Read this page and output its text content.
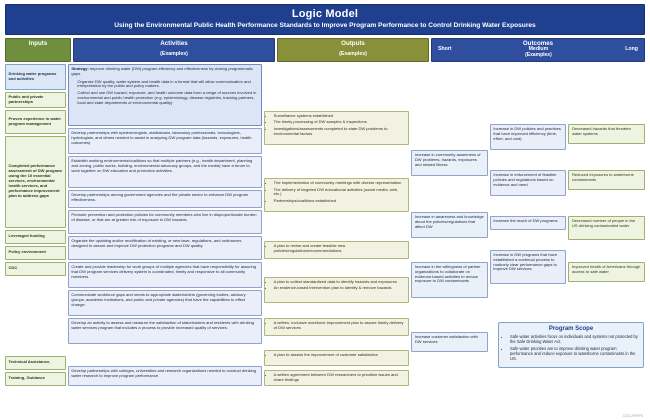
Logic Model
Using the Environmental Public Health Performance Standards to Improve Program Performance to Control Drinking Water Exposures
Inputs	Activities
(Examples)
Outputs
(Examples)
Outcomes
Short	Medium
(Examples)
Long
Drinking water programs and activities
Public and private partnerships
Proven experience in water program management
Completed performance assessment of DW program using the 10 essential services, environmental health services, and performance improvement plan to address gaps
Leveraged funding
Policy environment
CDC
Technical Assistance,
Training, Guidance
Strategy: improve drinking water (DW) program efficiency and effectiveness by closing programmatic gaps.
• Organize DW quality, water system and health data in a format that will allow communication and interpretation by the public and policy makers.
• Collect and use DW hazard, exposure, and health outcome data from a range of sources involved in environmental and public health protection (e.g. epidemiology, disease registries, tracking partners, local and state departments of environmental quality).
Develop partnerships with epidemiologists, statisticians, laboratory professionals, toxicologists, hydrologists, and others needed to assist in analyzing DW program data (hazards, exposures, health outcomes).
Establish working environments/coalitions so that multiple partners (e.g., health department, planning and zoning, public works, building, environmental advocacy groups, and the media) have a forum to work together on DW education and promotion activities.
Develop partnerships among government agencies and the private sector to enhance DW program effectiveness.
Promote prevention and protection policies for community members who live in disproportionate burden of disease, or that are at greater risk of exposure to DW hazards.
Organize the updating and/or modification of existing, or new laws, regulations, and ordinances designed to assure and improve DW protection programs and DW quality.
Create and provide leadership for work groups of multiple agencies that have responsibility for assuring that DW program services delivery system is coordinated, timely and responsive to all community members.
Communicate workforce gaps and needs to appropriate stakeholders (governing bodies, advisory groups, academic institutions, and public and private agencies) that have the capabilities to effect change.
Develop an activity to assess and measure the satisfaction of stakeholders and residents with drinking water services program that includes a process to provide increased quality of services.
Develop partnerships with colleges, universities and research organizations needed to conduct drinking water research to improve program performance.
• Surveillance systems established
• The timely processing of DW samples & inspections
• Investigations/assessments completed to state DW problems to environmental factors
• The implementation of community meetings with diverse representation
• The delivery of targeted DW educational activities (social media, web, etc.)
• Partnerships/coalitions established
• A plan to revise and create feasible new policies/regulations/recommendations
• A plan to collect standardized data to identify hazards and exposures
• An evidence-based intervention plan to identify & remove hazards
• A written, inclusive workforce improvement plan to assure timely delivery of DW services
• A plan to assess the improvement of customer satisfaction
• A written agreement between DW researchers to prioritize issues and share findings
Increase in community awareness of DW problems, hazards, exposures and related illness
Increase in awareness and knowledge about the policies/regulations that affect DW
Increase in the willingness of partner organizations to collaborate on evidence-based activities to reduce exposure to DW contaminants
Increase customer satisfaction with DW services
Increase in DW policies and practices that have improved efficiency (time, effort, and cost)
Increase in enforcement of feasible policies and regulations based on evidence and need
Increase the reach of DW programs
Increase in DW programs that have established a continual process to routinely clear performance gaps to improve DW services
Decreased hazards that threaten water systems
Reduced exposures to waterborne contaminants
Decreased number of people in the US drinking contaminated water
Improved health of Americans through access to safe water
Program Scope
• Safe water activities focus on individuals and systems not protected by the Safe Drinking Water Act.
• Safe water priorities are to improve drinking water program performance and reduce exposure to waterborne contaminants in the US.
CDC-EPHPS
